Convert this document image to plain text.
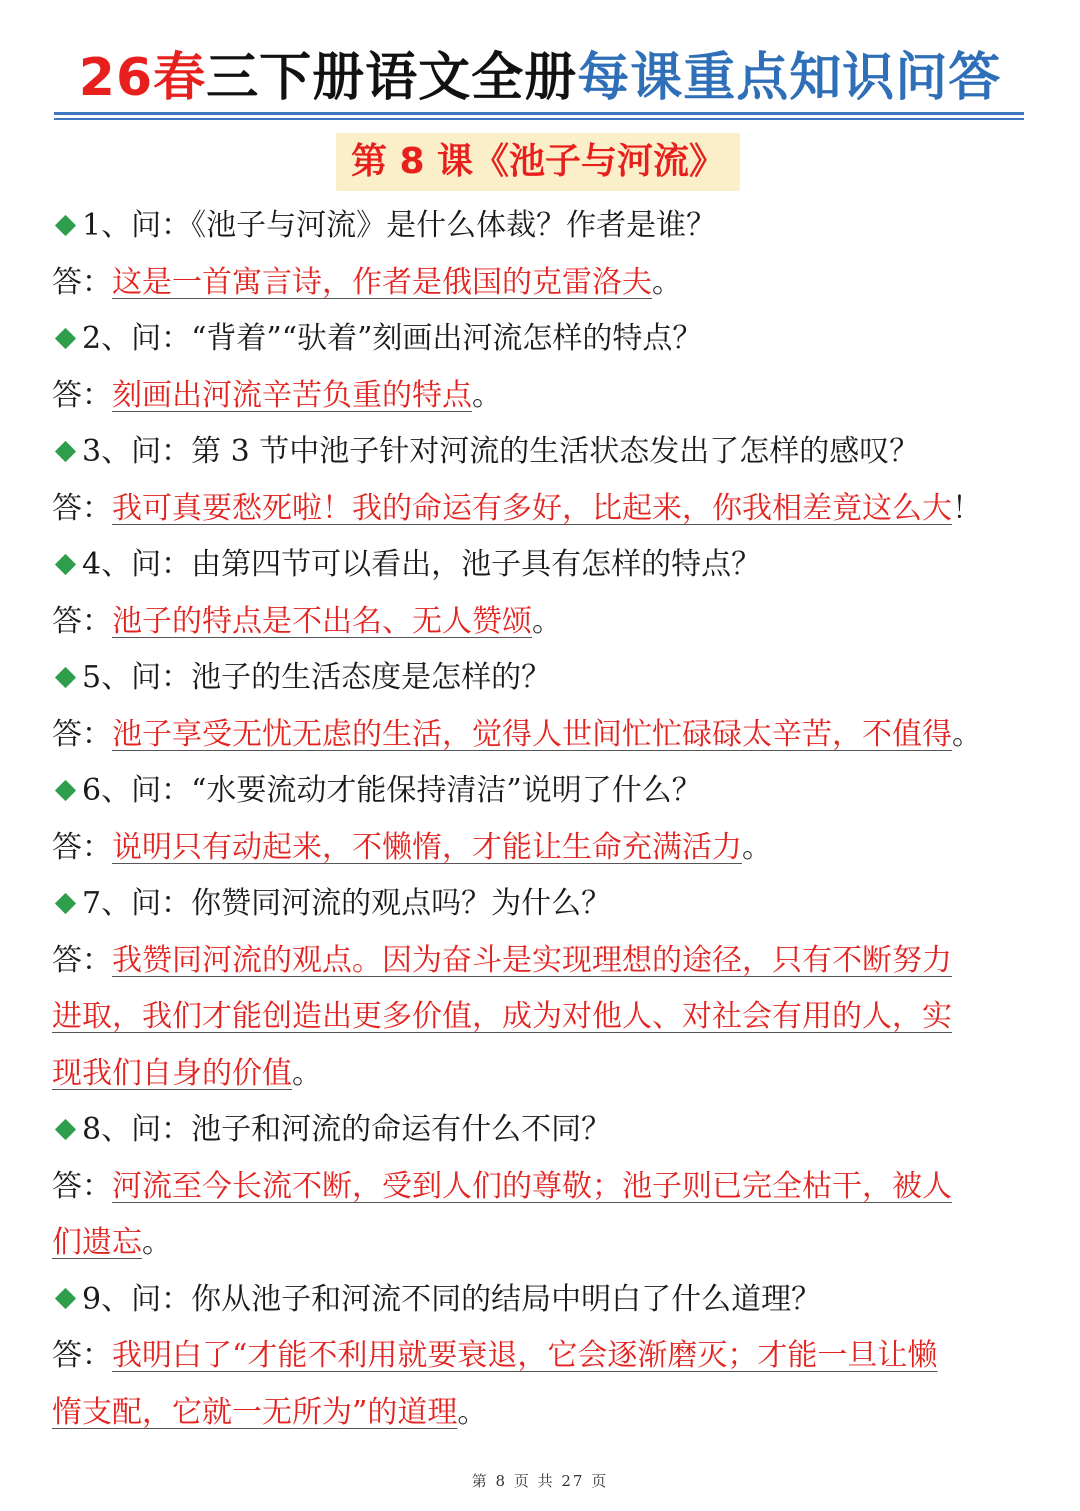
26春三下册语文全册每课重点知识问答
第 8 课《池子与河流》
1、问：《池子与河流》是什么体裁？作者是谁？
答：这是一首寓言诗，作者是俄国的克雷洛夫。
2、问：“背着”“驮着”刻画出河流怎样的特点？
答：刻画出河流辛苦负重的特点。
3、问：第 3 节中池子针对河流的生活状态发出了怎样的感叹？
答：我可真要愁死啦！我的命运有多好，比起来，你我相差竟这么大！
4、问：由第四节可以看出，池子具有怎样的特点？
答：池子的特点是不出名、无人赞颂。
5、问：池子的生活态度是怎样的？
答：池子享受无忧无虑的生活，觉得人世间忙忙碌碌太辛苦，不值得。
6、问：“水要流动才能保持清洁”说明了什么？
答：说明只有动起来，不懒惰，才能让生命充满活力。
7、问：你赞同河流的观点吗？为什么？
答：我赞同河流的观点。因为奋斗是实现理想的途径，只有不断努力
进取，我们才能创造出更多价值，成为对他人、对社会有用的人，实
现我们自身的价值。
8、问：池子和河流的命运有什么不同？
答：河流至今长流不断，受到人们的尊敬；池子则已完全枯干，被人
们遗忘。
9、问：你从池子和河流不同的结局中明白了什么道理？
答：我明白了“才能不利用就要衰退，它会逐渐磨灭；才能一旦让懒
惰支配，它就一无所为”的道理。
第 8 页 共 27 页
